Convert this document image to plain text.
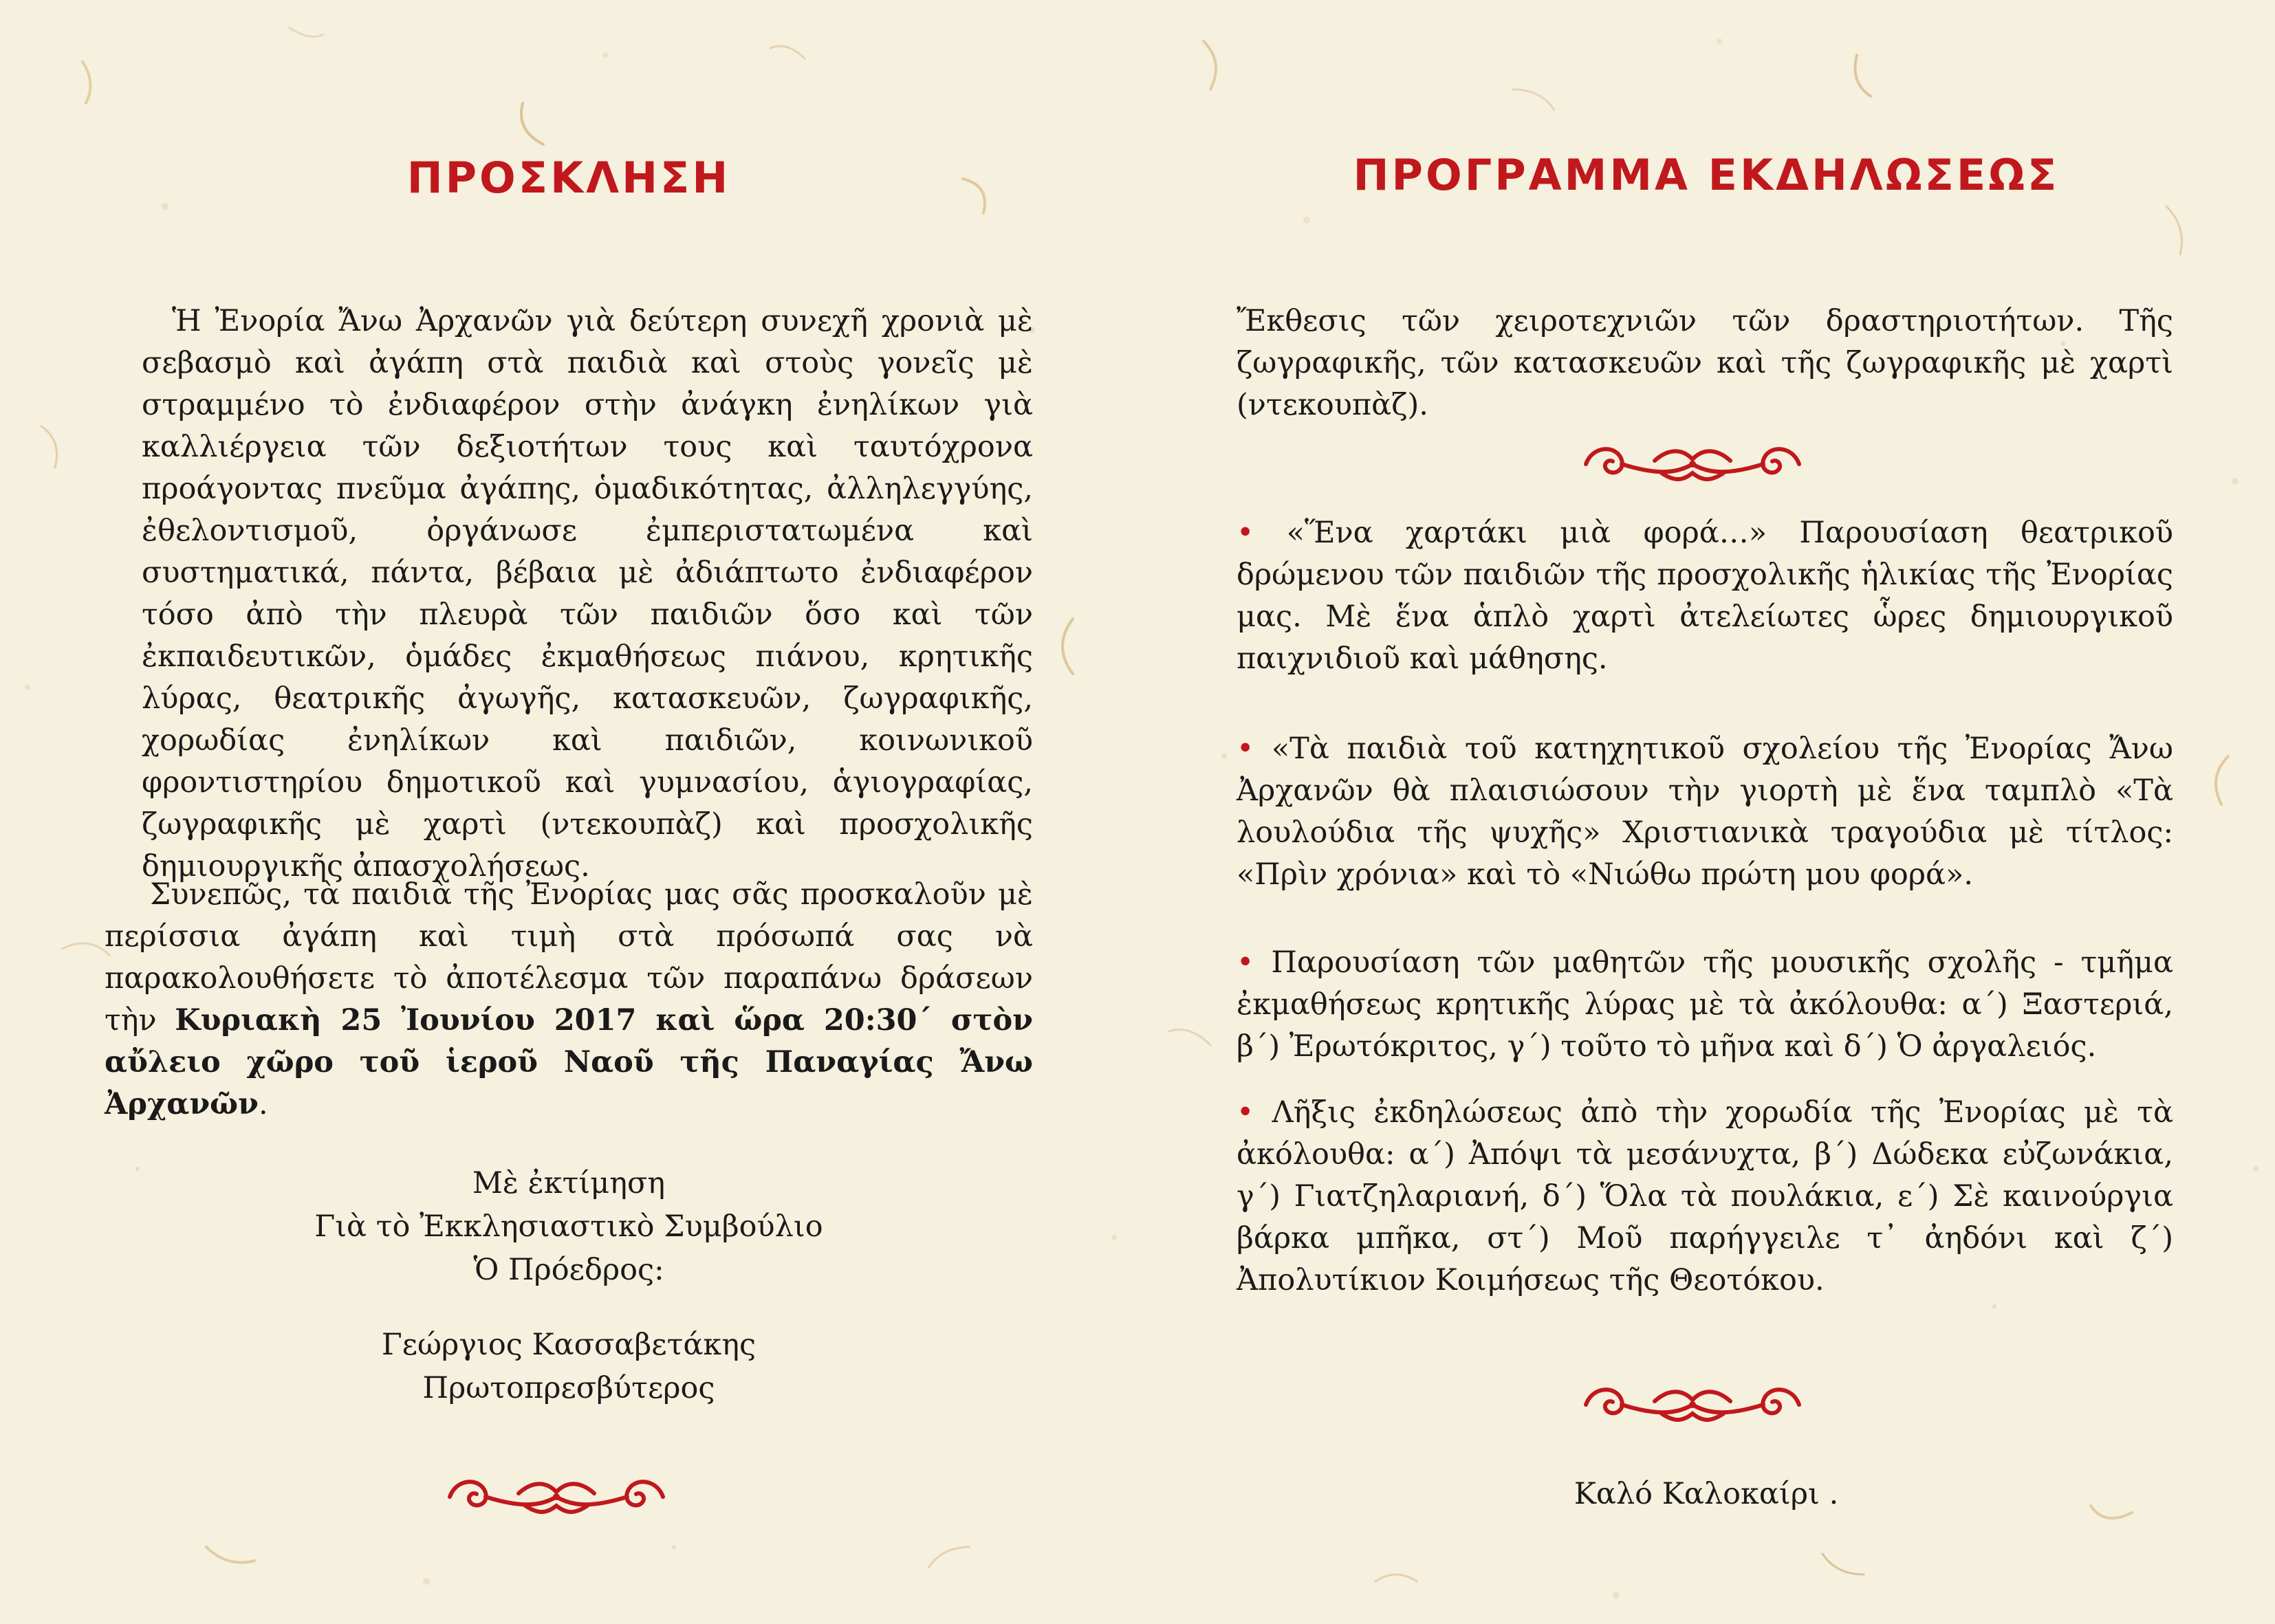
ΠΡΟΣΚΛΗΣΗ

Ἡ Ἐνορία Ἄνω Ἀρχανῶν γιὰ δεύτερη συνεχῆ χρονιὰ μὲ σεβασμὸ καὶ ἀγάπη στὰ παιδιὰ καὶ στοὺς γονεῖς μὲ στραμμένο τὸ ἐνδιαφέρον στὴν ἀνάγκη ἐνηλίκων γιὰ καλλιέργεια τῶν δεξιοτήτων τους καὶ ταυτόχρονα προάγοντας πνεῦμα ἀγάπης, ὁμαδικότητας, ἀλληλεγγύης, ἐθελοντισμοῦ, ὀργάνωσε ἐμπεριστατωμένα καὶ συστηματικά, πάντα, βέβαια μὲ ἀδιάπτωτο ἐνδιαφέρον τόσο ἀπὸ τὴν πλευρὰ τῶν παιδιῶν ὅσο καὶ τῶν ἐκπαιδευτικῶν, ὁμάδες ἐκμαθήσεως πιάνου, κρητικῆς λύρας, θεατρικῆς ἀγωγῆς, κατασκευῶν, ζωγραφικῆς, χορωδίας ἐνηλίκων καὶ παιδιῶν, κοινωνικοῦ φροντιστηρίου δημοτικοῦ καὶ γυμνασίου, ἁγιογραφίας, ζωγραφικῆς μὲ χαρτὶ (ντεκουπὰζ) καὶ προσχολικῆς δημιουργικῆς ἀπασχολήσεως.

Συνεπῶς, τὰ παιδιὰ τῆς Ἐνορίας μας σᾶς προσκαλοῦν μὲ περίσσια ἀγάπη καὶ τιμὴ στὰ πρόσωπά σας νὰ παρακολουθήσετε τὸ ἀποτέλεσμα τῶν παραπάνω δράσεων τὴν Κυριακὴ 25 Ἰουνίου 2017 καὶ ὥρα 20:30΄ στὸν αὔλειο χῶρο τοῦ ἱεροῦ Ναοῦ τῆς Παναγίας Ἄνω Ἀρχανῶν.

Μὲ ἐκτίμηση
Γιὰ τὸ Ἐκκλησιαστικὸ Συμβούλιο
Ὁ Πρόεδρος:
Γεώργιος Κασσαβετάκης
Πρωτοπρεσβύτερος
ΠΡΟΓΡΑΜΜΑ ΕΚΔΗΛΩΣΕΩΣ

Ἔκθεσις τῶν χειροτεχνιῶν τῶν δραστηριοτήτων. Τῆς ζωγραφικῆς, τῶν κατασκευῶν καὶ τῆς ζωγραφικῆς μὲ χαρτὶ (ντεκουπὰζ).

• «Ἕνα χαρτάκι μιὰ φορά…» Παρουσίαση θεατρικοῦ δρώμενου τῶν παιδιῶν τῆς προσχολικῆς ἡλικίας τῆς Ἐνορίας μας. Μὲ ἕνα ἁπλὸ χαρτὶ ἀτελείωτες ὧρες δημιουργικοῦ παιχνιδιοῦ καὶ μάθησης.

• «Τὰ παιδιὰ τοῦ κατηχητικοῦ σχολείου τῆς Ἐνορίας Ἄνω Ἀρχανῶν θὰ πλαισιώσουν τὴν γιορτὴ μὲ ἕνα ταμπλὸ «Τὰ λουλούδια τῆς ψυχῆς» Χριστιανικὰ τραγούδια μὲ τίτλος: «Πρὶν χρόνια» καὶ τὸ «Νιώθω πρώτη μου φορά».

• Παρουσίαση τῶν μαθητῶν τῆς μουσικῆς σχολῆς - τμῆμα ἐκμαθήσεως κρητικῆς λύρας μὲ τὰ ἀκόλουθα: α΄) Ξαστεριά, β΄) Ἐρωτόκριτος, γ΄) τοῦτο τὸ μῆνα καὶ δ΄) Ὁ ἀργαλειός.

• Λῆξις ἐκδηλώσεως ἀπὸ τὴν χορωδία τῆς Ἐνορίας μὲ τὰ ἀκόλουθα: α΄) Ἀπόψι τὰ μεσάνυχτα, β΄) Δώδεκα εὐζωνάκια, γ΄) Γιατζηλαριανή, δ΄) Ὅλα τὰ πουλάκια, ε΄) Σὲ καινούργια βάρκα μπῆκα, στ΄) Μοῦ παρήγγειλε τ᾽ ἀηδόνι καὶ ζ΄) Ἀπολυτίκιον Κοιμήσεως τῆς Θεοτόκου.

Καλό Καλοκαίρι .
